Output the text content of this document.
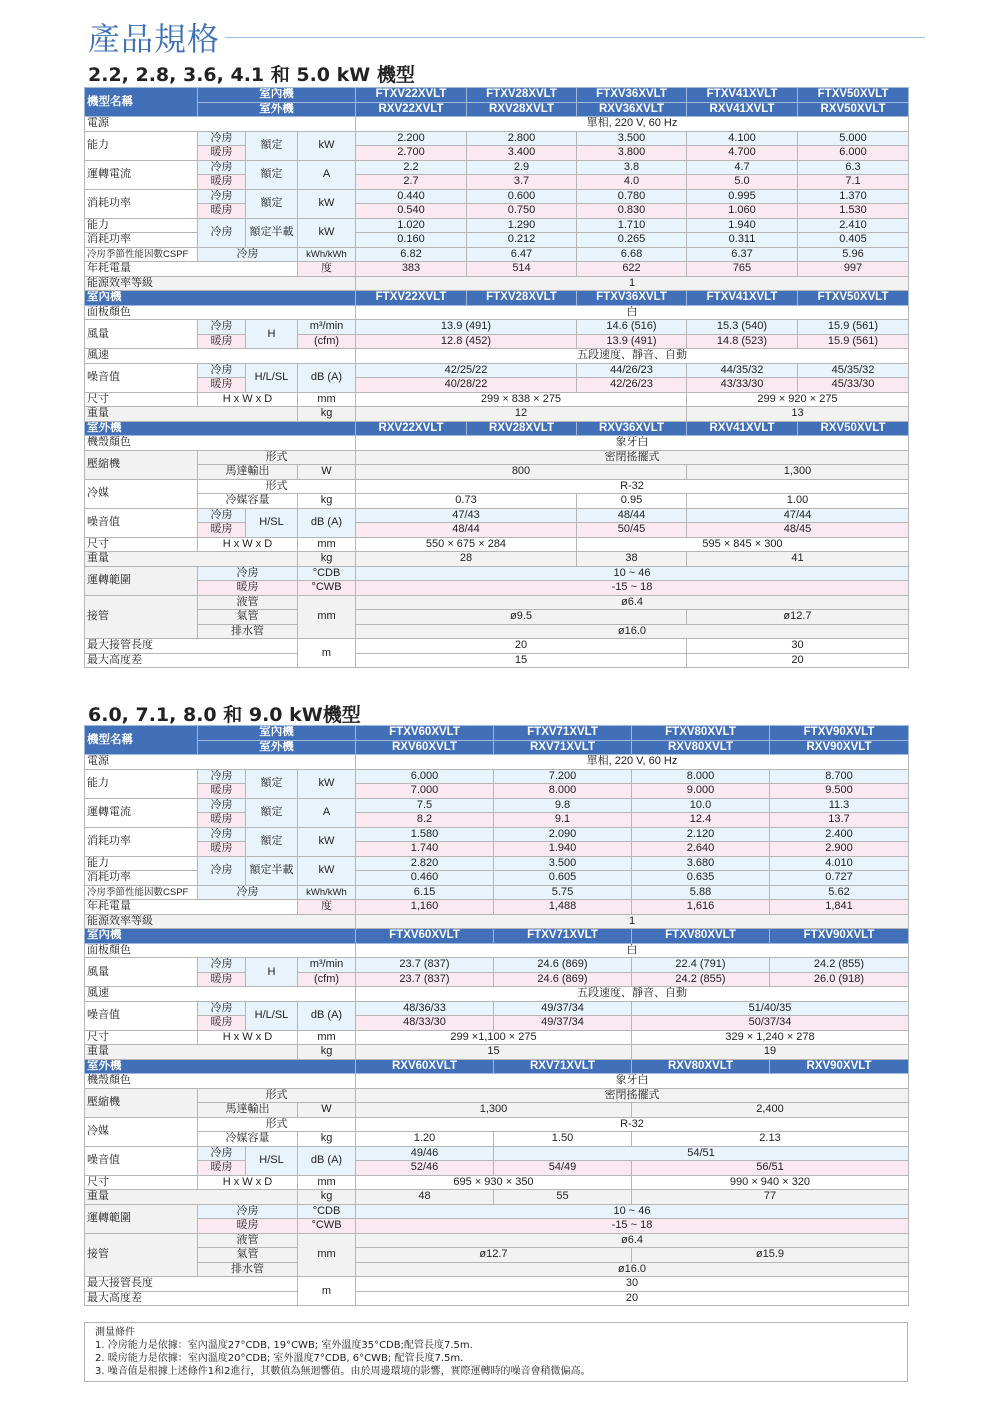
產品規格
2.2, 2.8, 3.6, 4.1 和 5.0 kW 機型
機型名稱	室內機			FTXV22XVLT	FTXV28XVLT	FTXV36XVLT	FTXV41XVLT	FTXV50XVLT
	室外機			RXV22XVLT	RXV28XVLT	RXV36XVLT	RXV41XVLT	RXV50XVLT
電源				單相, 220 V, 60 Hz				
能力	冷房	額定	kW	2.200	2.800	3.500	4.100	5.000
	暖房			2.700	3.400	3.800	4.700	6.000
運轉電流	冷房	額定	A	2.2	2.9	3.8	4.7	6.3
	暖房			2.7	3.7	4.0	5.0	7.1
消耗功率	冷房	額定	kW	0.440	0.600	0.780	0.995	1.370
	暖房			0.540	0.750	0.830	1.060	1.530
能力	冷房	額定半載	kW	1.020	1.290	1.710	1.940	2.410
消耗功率				0.160	0.212	0.265	0.311	0.405
冷房季節性能因數CSPF	冷房		kWh/kWh	6.82	6.47	6.68	6.37	5.96
年耗電量			度	383	514	622	765	997
能源效率等級				1				
室內機				FTXV22XVLT	FTXV28XVLT	FTXV36XVLT	FTXV41XVLT	FTXV50XVLT
面板顏色				白				
風量	冷房	H	m³/min	13.9 (491)		14.6 (516)	15.3 (540)	15.9 (561)
	暖房		(cfm)	12.8 (452)		13.9 (491)	14.8 (523)	15.9 (561)
風速				五段速度、靜音、自動				
噪音值	冷房	H/L/SL	dB (A)	42/25/22		44/26/23	44/35/32	45/35/32
	暖房			40/28/22		42/26/23	43/33/30	45/33/30
尺寸	H x W x D		mm	299 × 838 × 275			299 × 920 × 275	
重量			kg	12			13	
室外機				RXV22XVLT	RXV28XVLT	RXV36XVLT	RXV41XVLT	RXV50XVLT
機殼顏色				象牙白				
壓縮機	形式			密閉搖擺式				
	馬達輸出		W	800			1,300	
冷媒	形式			R-32				
	冷媒容量		kg	0.73		0.95	1.00	
噪音值	冷房	H/SL	dB (A)	47/43		48/44	47/44	
	暖房			48/44		50/45	48/45	
尺寸	H x W x D		mm	550 × 675 × 284		595 × 845 × 300		
重量			kg	28		38	41	
運轉範圍	冷房		°CDB	10 ~ 46				
	暖房		°CWB	-15 ~ 18				
接管	液管		mm	ø6.4				
	氣管			ø9.5			ø12.7	
	排水管			ø16.0				
最大接管長度			m	20			30	
最大高度差				15			20	
6.0, 7.1, 8.0 和 9.0 kW機型
機型名稱	室內機			FTXV60XVLT	FTXV71XVLT	FTXV80XVLT	FTXV90XVLT
	室外機			RXV60XVLT	RXV71XVLT	RXV80XVLT	RXV90XVLT
電源				單相, 220 V, 60 Hz			
能力	冷房	額定	kW	6.000	7.200	8.000	8.700
	暖房			7.000	8.000	9.000	9.500
運轉電流	冷房	額定	A	7.5	9.8	10.0	11.3
	暖房			8.2	9.1	12.4	13.7
消耗功率	冷房	額定	kW	1.580	2.090	2.120	2.400
	暖房			1.740	1.940	2.640	2.900
能力	冷房	額定半載	kW	2.820	3.500	3.680	4.010
消耗功率				0.460	0.605	0.635	0.727
冷房季節性能因數CSPF	冷房		kWh/kWh	6.15	5.75	5.88	5.62
年耗電量			度	1,160	1,488	1,616	1,841
能源效率等級				1			
室內機				FTXV60XVLT	FTXV71XVLT	FTXV80XVLT	FTXV90XVLT
面板顏色				白			
風量	冷房	H	m³/min	23.7 (837)	24.6 (869)	22.4 (791)	24.2 (855)
	暖房		(cfm)	23.7 (837)	24.6 (869)	24.2 (855)	26.0 (918)
風速				五段速度、靜音、自動			
噪音值	冷房	H/L/SL	dB (A)	48/36/33	49/37/34	51/40/35	
	暖房			48/33/30	49/37/34	50/37/34	
尺寸	H x W x D		mm	299 ×1,100 × 275		329 × 1,240 × 278	
重量			kg	15		19	
室外機				RXV60XVLT	RXV71XVLT	RXV80XVLT	RXV90XVLT
機殼顏色				象牙白			
壓縮機	形式			密閉搖擺式			
	馬達輸出		W	1,300		2,400	
冷媒	形式			R-32			
	冷媒容量		kg	1.20	1.50	2.13	
噪音值	冷房	H/SL	dB (A)	49/46	54/51		
	暖房			52/46	54/49	56/51	
尺寸	H x W x D		mm	695 × 930 × 350		990 × 940 × 320	
重量			kg	48	55	77	
運轉範圍	冷房		°CDB	10 ~ 46			
	暖房		°CWB	-15 ~ 18			
接管	液管		mm	ø6.4			
	氣管			ø12.7		ø15.9	
	排水管			ø16.0			
最大接管長度			m	30			
最大高度差				20			
測量條件
1. 冷房能力是依據：室內溫度27°CDB, 19°CWB; 室外溫度35°CDB;配管長度7.5m.
2. 暖房能力是依據：室內溫度20°CDB; 室外溫度7°CDB, 6°CWB; 配管長度7.5m.
3. 噪音值是根據上述條件1和2進行，其數值為無迴響值。由於周邊環境的影響，實際運轉時的噪音會稍微偏高。
